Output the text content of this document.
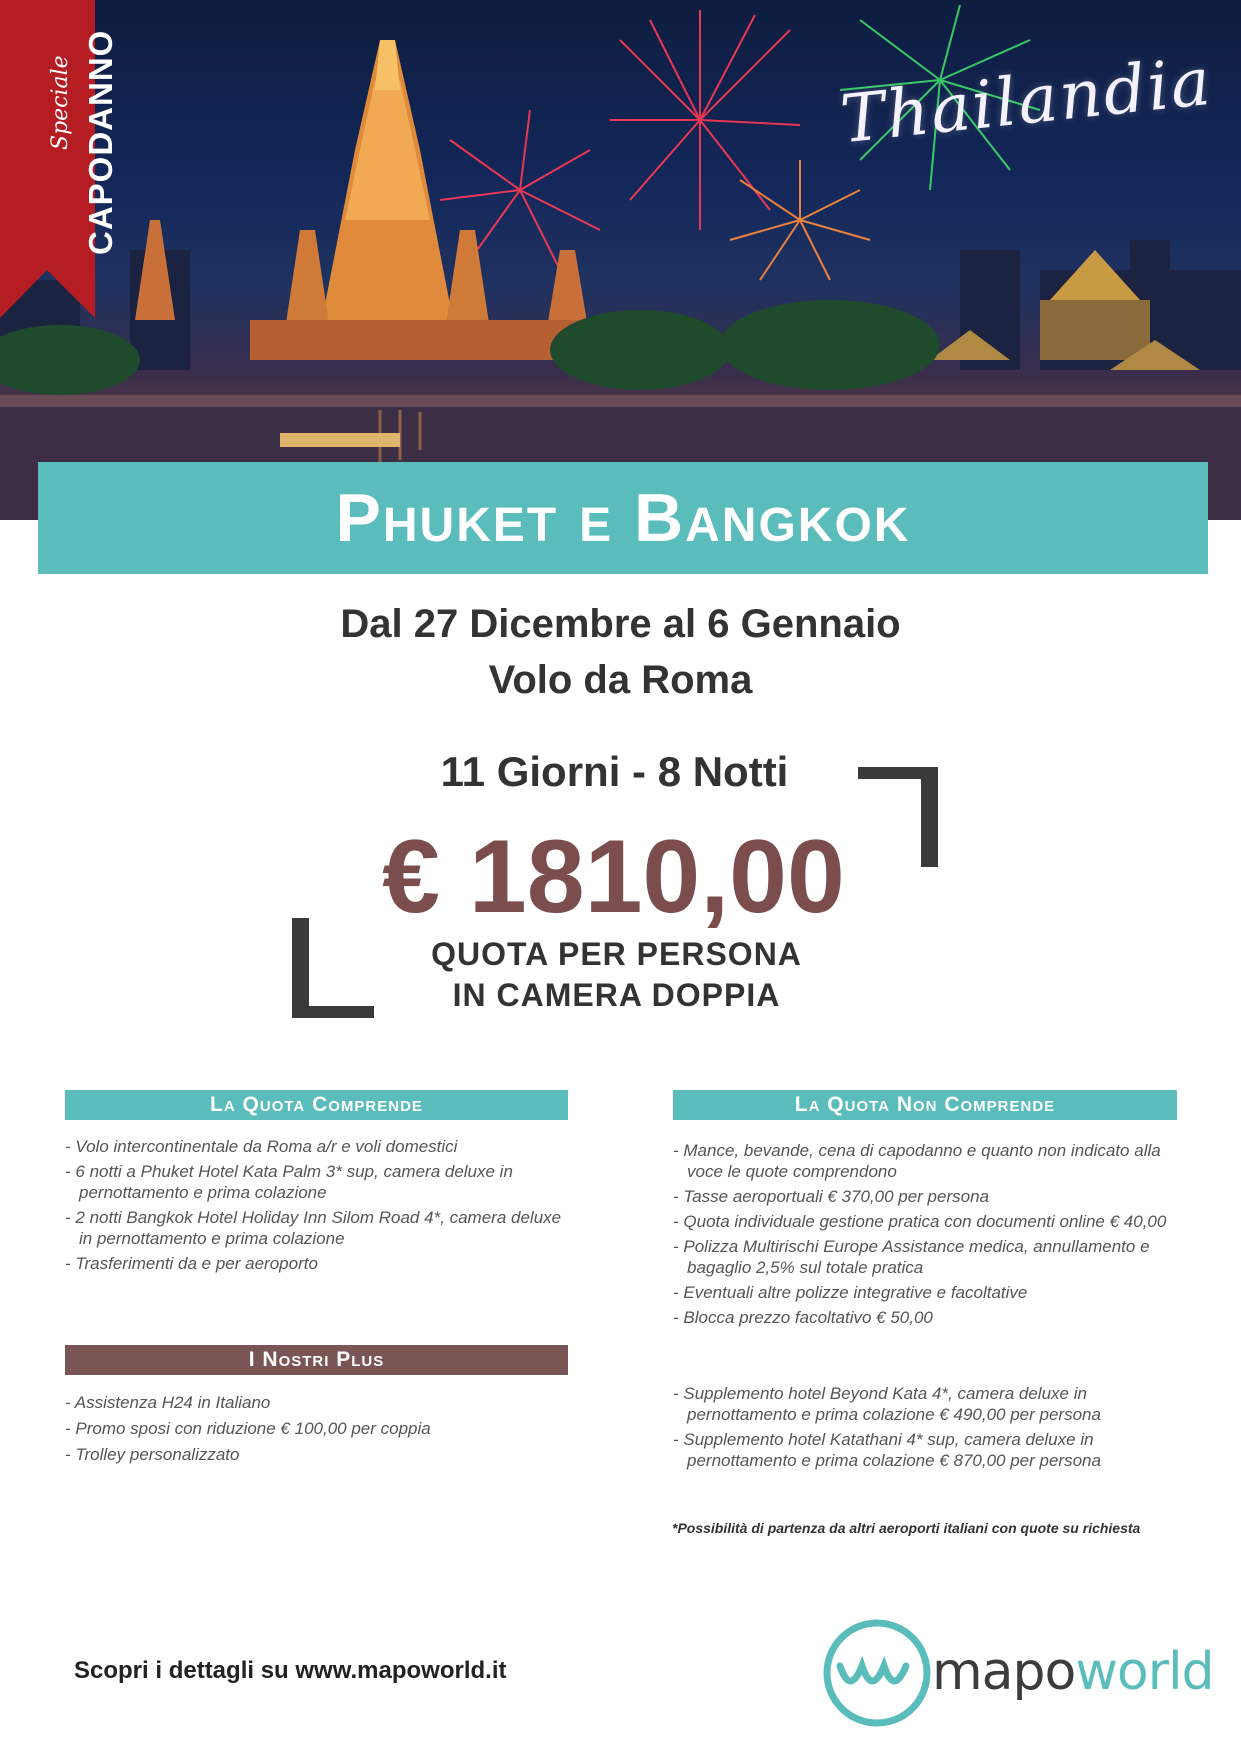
Speciale CAPODANNO	Thailandia
Phuket e Bangkok
Dal 27 Dicembre al 6 Gennaio
Volo da Roma
11 Giorni - 8 Notti
€ 1810,00
QUOTA PER PERSONA
IN CAMERA DOPPIA
La Quota Comprende
- Volo intercontinentale da Roma a/r e voli domestici
- 6 notti a Phuket Hotel Kata Palm 3* sup, camera deluxe in pernottamento e prima colazione
- 2 notti Bangkok Hotel Holiday Inn Silom Road 4*, camera deluxe in pernottamento e prima colazione
- Trasferimenti da e per aeroporto
I Nostri Plus
- Assistenza H24 in Italiano
- Promo sposi con riduzione € 100,00 per coppia
- Trolley personalizzato
La Quota Non Comprende
- Mance, bevande, cena di capodanno e quanto non indicato alla voce le quote comprendono
- Tasse aeroportuali € 370,00 per persona
- Quota individuale gestione pratica con documenti online € 40,00
- Polizza Multirischi Europe Assistance medica, annullamento e bagaglio 2,5% sul totale pratica
- Eventuali altre polizze integrative e facoltative
- Blocca prezzo facoltativo € 50,00
- Supplemento hotel Beyond Kata 4*, camera deluxe in pernottamento e prima colazione € 490,00 per persona
- Supplemento hotel Katathani 4* sup, camera deluxe in pernottamento e prima colazione € 870,00 per persona
*Possibilità di partenza da altri aeroporti italiani con quote su richiesta
Scopri i dettagli su www.mapoworld.it	mapoworld
